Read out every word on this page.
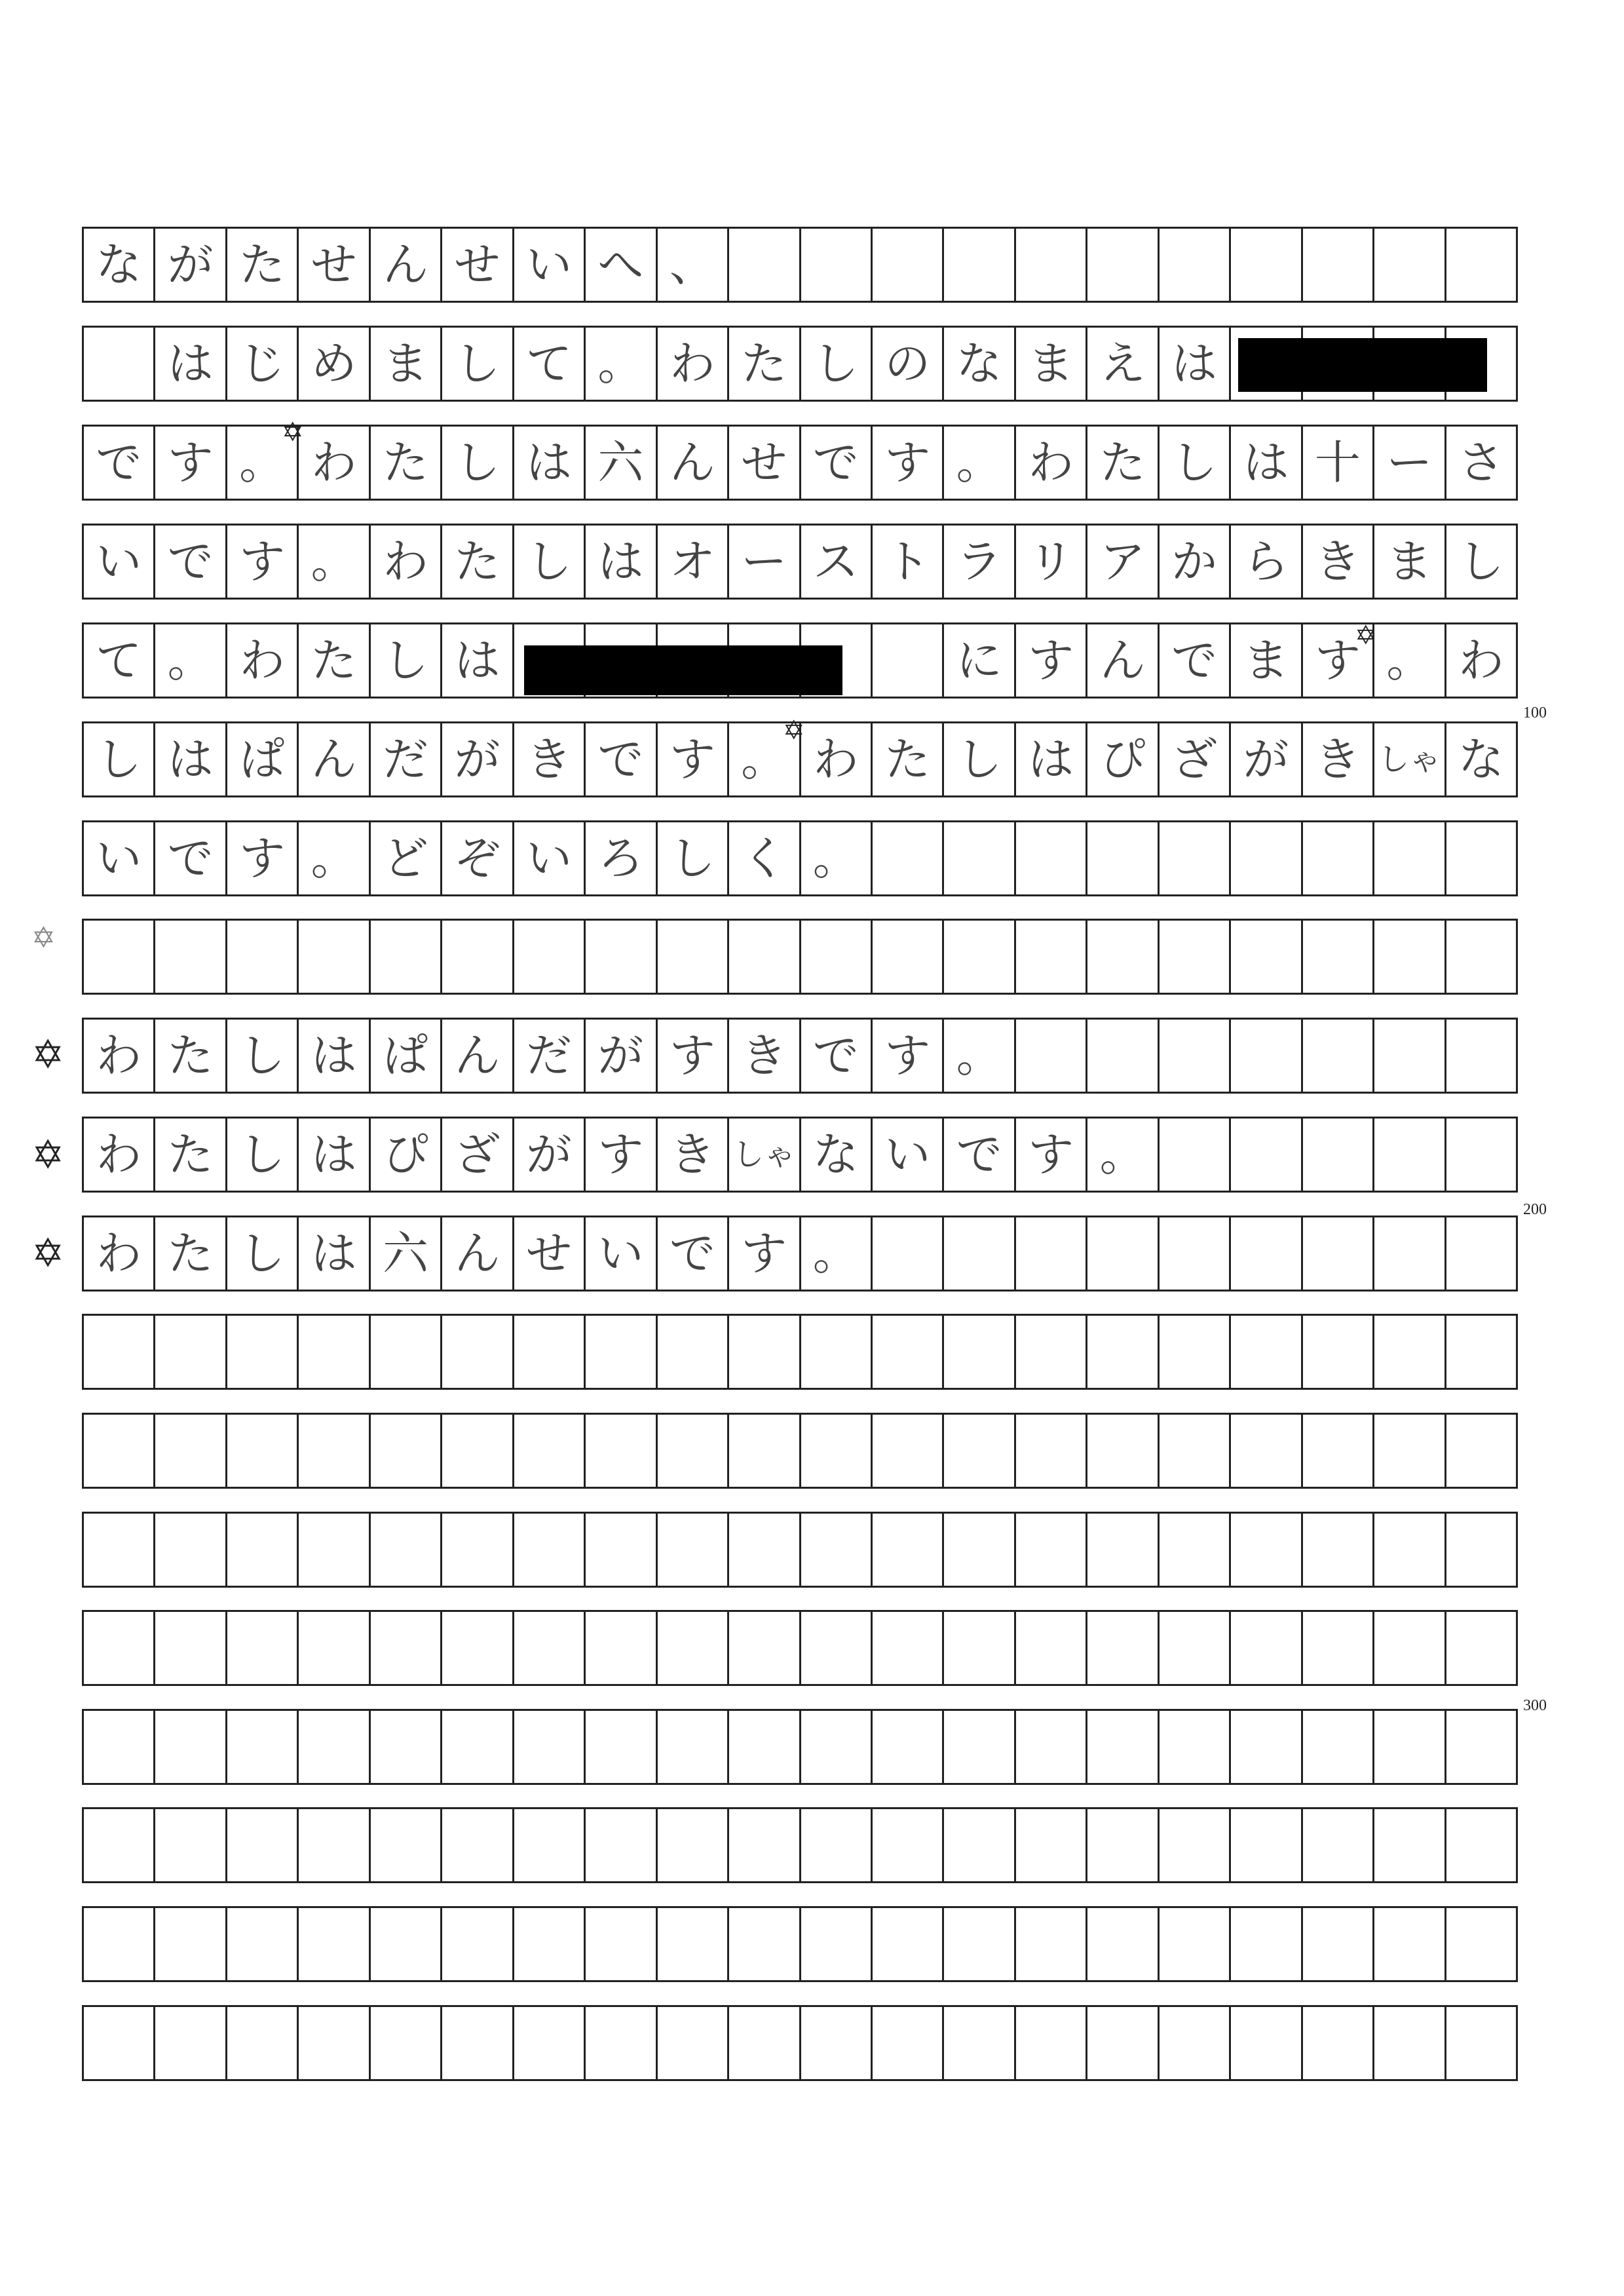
な が た せ ん せ い へ 、
は じ め ま し て 。 わ た し の な ま え は
で す 。 わ た し は 六 ん せ で す 。 わ た し は 十 ー さ
い で す 。 わ た し は オ ー ス ト ラ リ ア か ら き ま し
て 。 わ た し は	に す ん で ま す 。 わ
し は ぱ ん だ が き で す 。 わ た し は ぴ ざ が き しゃ な
い で す 。 ど ぞ い ろ し く 。
わ た し は ぱ ん だ が す き で す 。
わ た し は ぴ ざ が す き しゃ な い で す 。
わ た し は 六 ん せ い で す 。
100
200
300
✡
✡
✡
✡
✡
✡
✡
